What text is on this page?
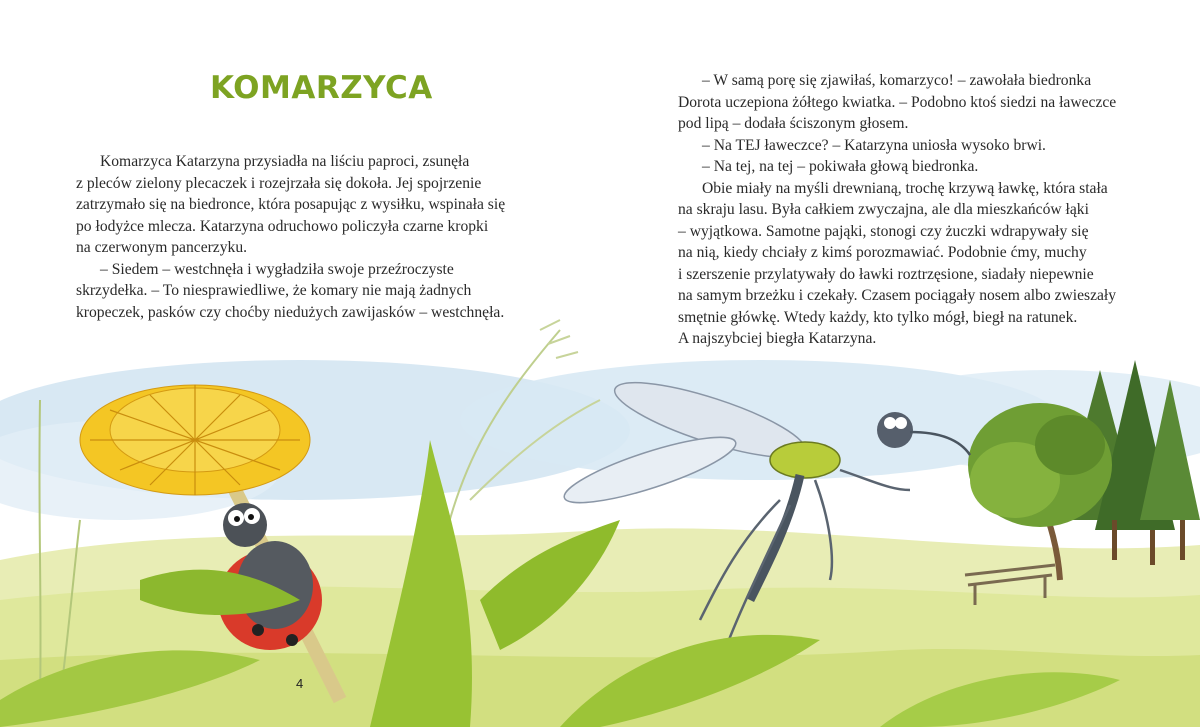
KOMARZYCA

Komarzyca Katarzyna przysiadła na liściu paproci, zsunęła

z pleców zielony plecaczek i rozejrzała się dokoła. Jej spojrzenie

zatrzymało się na biedronce, która posapując z wysiłku, wspinała się

po łodyżce mlecza. Katarzyna odruchowo policzyła czarne kropki

na czerwonym pancerzyku.

– Siedem – westchnęła i wygładziła swoje przeźroczyste

skrzydełka. – To niesprawiedliwe, że komary nie mają żadnych

kropeczek, pasków czy choćby niedużych zawijasków – westchnęła.

– W samą porę się zjawiłaś, komarzyco! – zawołała biedronka

Dorota uczepiona żółtego kwiatka. – Podobno ktoś siedzi na ławeczce

pod lipą – dodała ściszonym głosem.

– Na TEJ ławeczce? – Katarzyna uniosła wysoko brwi.

– Na tej, na tej – pokiwała głową biedronka.

Obie miały na myśli drewnianą, trochę krzywą ławkę, która stała

na skraju lasu. Była całkiem zwyczajna, ale dla mieszkańców łąki

– wyjątkowa. Samotne pająki, stonogi czy żuczki wdrapywały się

na nią, kiedy chciały z kimś porozmawiać. Podobnie ćmy, muchy

i szerszenie przylatywały do ławki roztrzęsione, siadały niepewnie

na samym brzeżku i czekały. Czasem pociągały nosem albo zwieszały

smętnie główkę. Wtedy każdy, kto tylko mógł, biegł na ratunek.

A najszybciej biegła Katarzyna.

4
